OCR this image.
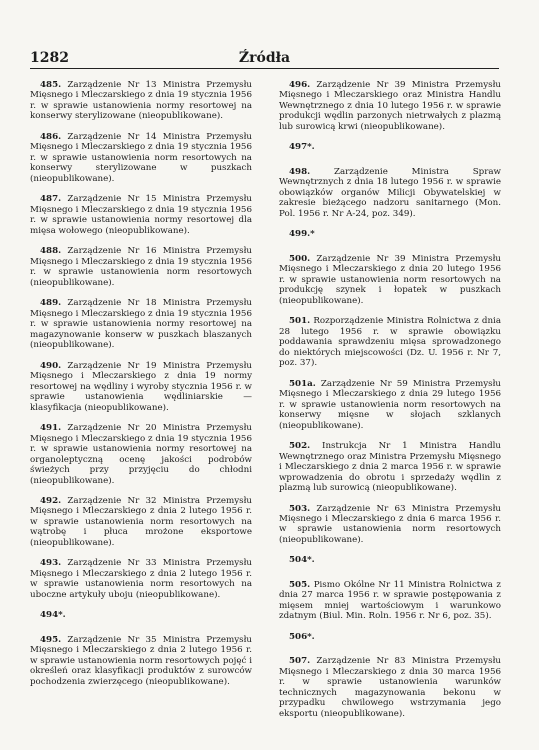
1282	Źródła

485. Zarządzenie Nr 13 Ministra Przemysłu Mięsnego i Mleczarskiego z dnia 19 stycznia 1956 r. w sprawie ustanowienia normy resortowej na konserwy sterylizowane (nieopublikowane).

486. Zarządzenie Nr 14 Ministra Przemysłu Mięsnego i Mleczarskiego z dnia 19 stycznia 1956 r. w sprawie ustanowienia norm resortowych na konserwy sterylizowane w puszkach (nieopublikowane).

487. Zarządzenie Nr 15 Ministra Przemysłu Mięsnego i Mleczarskiego z dnia 19 stycznia 1956 r. w sprawie ustanowienia normy resortowej dla mięsa wołowego (nieopublikowane).

488. Zarządzenie Nr 16 Ministra Przemysłu Mięsnego i Mleczarskiego z dnia 19 stycznia 1956 r. w sprawie ustanowienia norm resortowych (nieopublikowane).

489. Zarządzenie Nr 18 Ministra Przemysłu Mięsnego i Mleczarskiego z dnia 19 stycznia 1956 r. w sprawie ustanowienia normy resortowej na magazynowanie konserw w puszkach blaszanych (nieopublikowane).

490. Zarządzenie Nr 19 Ministra Przemysłu Mięsnego i Mleczarskiego z dnia 19 normy resortowej na wędliny i wyroby stycznia 1956 r. w sprawie ustanowienia wędliniarskie — klasyfikacja (nieopublikowane).

491. Zarządzenie Nr 20 Ministra Przemysłu Mięsnego i Mleczarskiego z dnia 19 stycznia 1956 r. w sprawie ustanowienia normy resortowej na organoleptyczną ocenę jakości podrobów świeżych przy przyjęciu do chłodni (nieopublikowane).

492. Zarządzenie Nr 32 Ministra Przemysłu Mięsnego i Mleczarskiego z dnia 2 lutego 1956 r. w sprawie ustanowienia norm resortowych na wątrobę i płuca mrożone eksportowe (nieopublikowane).

493. Zarządzenie Nr 33 Ministra Przemysłu Mięsnego i Mleczarskiego z dnia 2 lutego 1956 r. w sprawie ustanowienia norm resortowych na uboczne artykuły uboju (nieopublikowane).

494*.

495. Zarządzenie Nr 35 Ministra Przemysłu Mięsnego i Mleczarskiego z dnia 2 lutego 1956 r. w sprawie ustanowienia norm resortowych pojęć i określeń oraz klasyfikacji produktów z surowców pochodzenia zwierzęcego (nieopublikowane).

496. Zarządzenie Nr 39 Ministra Przemysłu Mięsnego i Mleczarskiego oraz Ministra Handlu Wewnętrznego z dnia 10 lutego 1956 r. w sprawie produkcji wędlin parzonych nietrwałych z plazmą lub surowicą krwi (nieopublikowane).

497*.

498.	Zarządzenie Ministra Spraw Wewnętrznych z dnia 18 lutego 1956 r. w sprawie obowiązków organów Milicji Obywatelskiej w zakresie bieżącego nadzoru sanitarnego (Mon. Pol. 1956 r. Nr A-24, poz. 349).

499.*

500. Zarządzenie Nr 39 Ministra Przemysłu Mięsnego i Mleczarskiego z dnia 20 lutego 1956 r. w sprawie ustanowienia norm resortowych na produkcję szynek i łopatek w puszkach (nieopublikowane).

501. Rozporządzenie Ministra Rolnictwa z dnia 28 lutego 1956 r. w sprawie obowiązku poddawania sprawdzeniu mięsa sprowadzonego do niektórych miejscowości (Dz. U. 1956 r. Nr 7, poz. 37).

501a. Zarządzenie Nr 59 Ministra Przemysłu Mięsnego i Mleczarskiego z dnia 29 lutego 1956 r. w sprawie ustanowienia norm resortowych na konserwy mięsne w słojach szklanych (nieopublikowane).

502. Instrukcja Nr 1 Ministra Handlu Wewnętrznego oraz Ministra Przemysłu Mięsnego i Mleczarskiego z dnia 2 marca 1956 r. w sprawie wprowadzenia do obrotu i sprzedaży wędlin z plazmą lub surowicą (nieopublikowane).

503. Zarządzenie Nr 63 Ministra Przemysłu Mięsnego i Mleczarskiego z dnia 6 marca 1956 r. w sprawie ustanowienia norm resortowych (nieopublikowane).

504*.

505. Pismo Okólne Nr 11 Ministra Rolnictwa z dnia 27 marca 1956 r. w sprawie postępowania z mięsem mniej wartościowym i warunkowo zdatnym (Biul. Min. Roln. 1956 r. Nr 6, poz. 35).

506*.

507. Zarządzenie Nr 83 Ministra Przemysłu Mięsnego i Mleczarskiego z dnia 30 marca 1956 r. w sprawie ustanowienia warunków technicznych magazynowania bekonu w przypadku chwilowego wstrzymania jego eksportu (nieopublikowane).
